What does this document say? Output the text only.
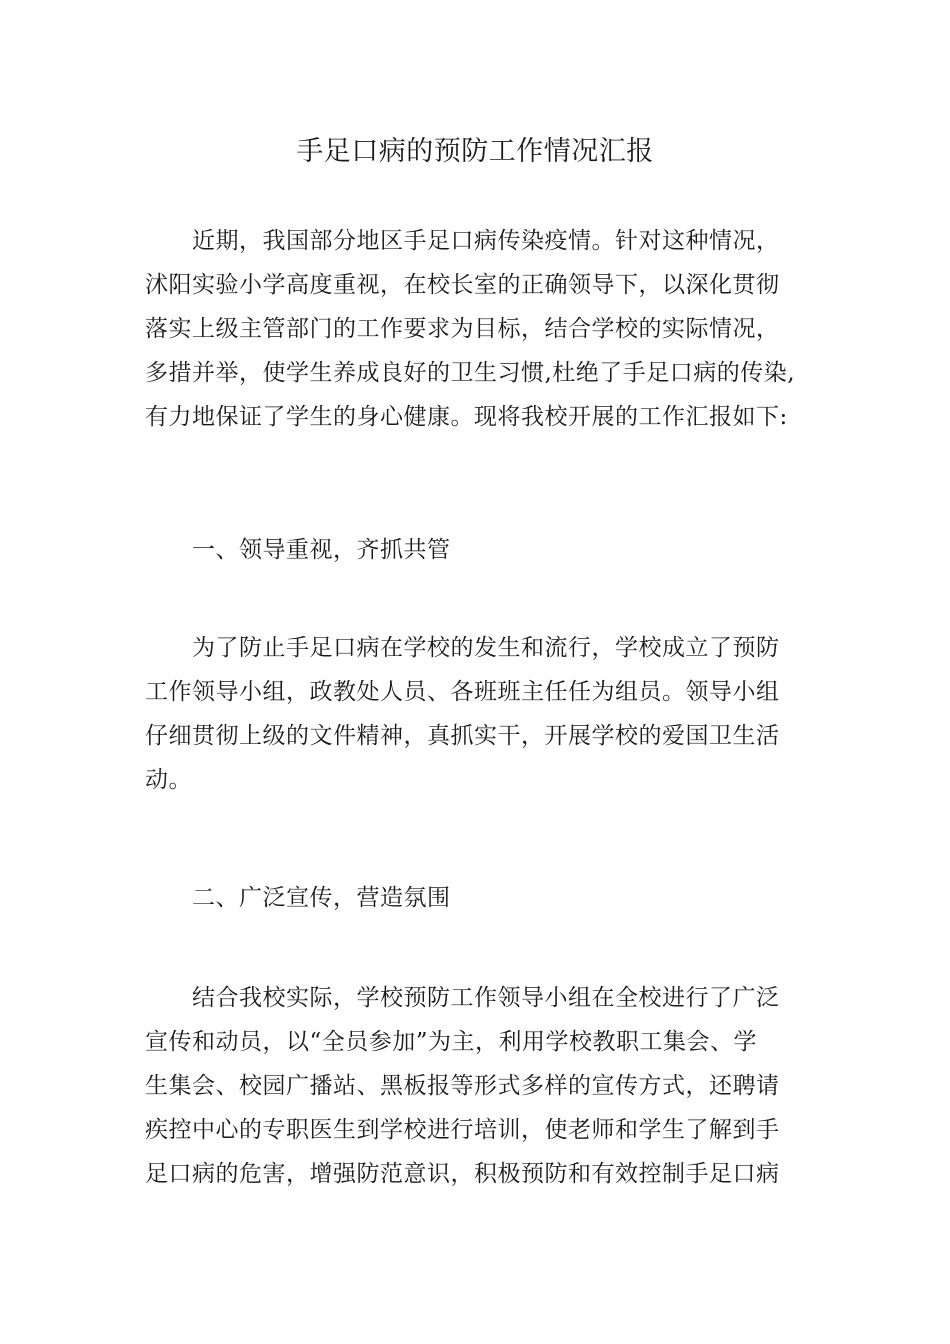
手足口病的预防工作情况汇报

近期，我国部分地区手足口病传染疫情。针对这种情况，
沭阳实验小学高度重视，在校长室的正确领导下，以深化贯彻
落实上级主管部门的工作要求为目标，结合学校的实际情况，
多措并举，使学生养成良好的卫生习惯,杜绝了手足口病的传染,
有力地保证了学生的身心健康。现将我校开展的工作汇报如下:

一、领导重视，齐抓共管

为了防止手足口病在学校的发生和流行，学校成立了预防
工作领导小组，政教处人员、各班班主任任为组员。领导小组
仔细贯彻上级的文件精神，真抓实干，开展学校的爱国卫生活
动。

二、广泛宣传，营造氛围

结合我校实际，学校预防工作领导小组在全校进行了广泛
宣传和动员，以“全员参加”为主，利用学校教职工集会、学
生集会、校园广播站、黑板报等形式多样的宣传方式，还聘请
疾控中心的专职医生到学校进行培训，使老师和学生了解到手
足口病的危害，增强防范意识，积极预防和有效控制手足口病
